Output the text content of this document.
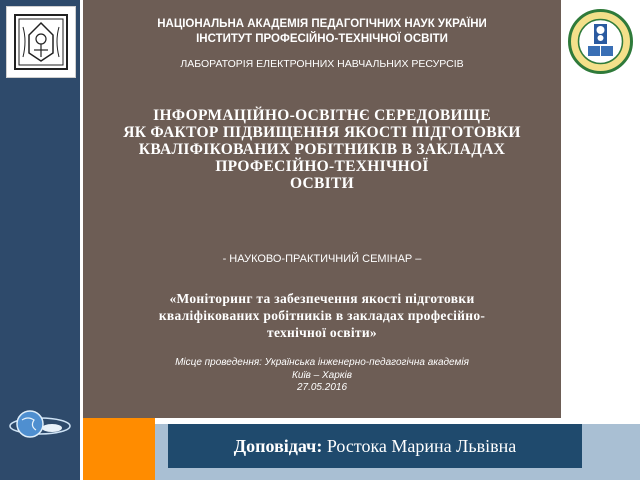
НАЦІОНАЛЬНА АКАДЕМІЯ ПЕДАГОГІЧНИХ НАУК УКРАЇНИ
ІНСТИТУТ ПРОФЕСІЙНО-ТЕХНІЧНОЇ ОСВІТИ
ЛАБОРАТОРІЯ ЕЛЕКТРОННИХ НАВЧАЛЬНИХ РЕСУРСІВ
ІНФОРМАЦІЙНО-ОСВІТНЄ СЕРЕДОВИЩЕ
ЯК ФАКТОР ПІДВИЩЕННЯ ЯКОСТІ ПІДГОТОВКИ
КВАЛІФІКОВАНИХ РОБІТНИКІВ В ЗАКЛАДАХ
ПРОФЕСІЙНО-ТЕХНІЧНОЇ
ОСВІТИ
- НАУКОВО-ПРАКТИЧНИЙ СЕМІНАР –
«Моніторинг та забезпечення якості підготовки
кваліфікованих робітників в закладах професійно-
технічної освіти»
Місце проведення: Українська інженерно-педагогічна академія
Київ – Харків
27.05.2016
Доповідач: Ростока Марина Львівна
